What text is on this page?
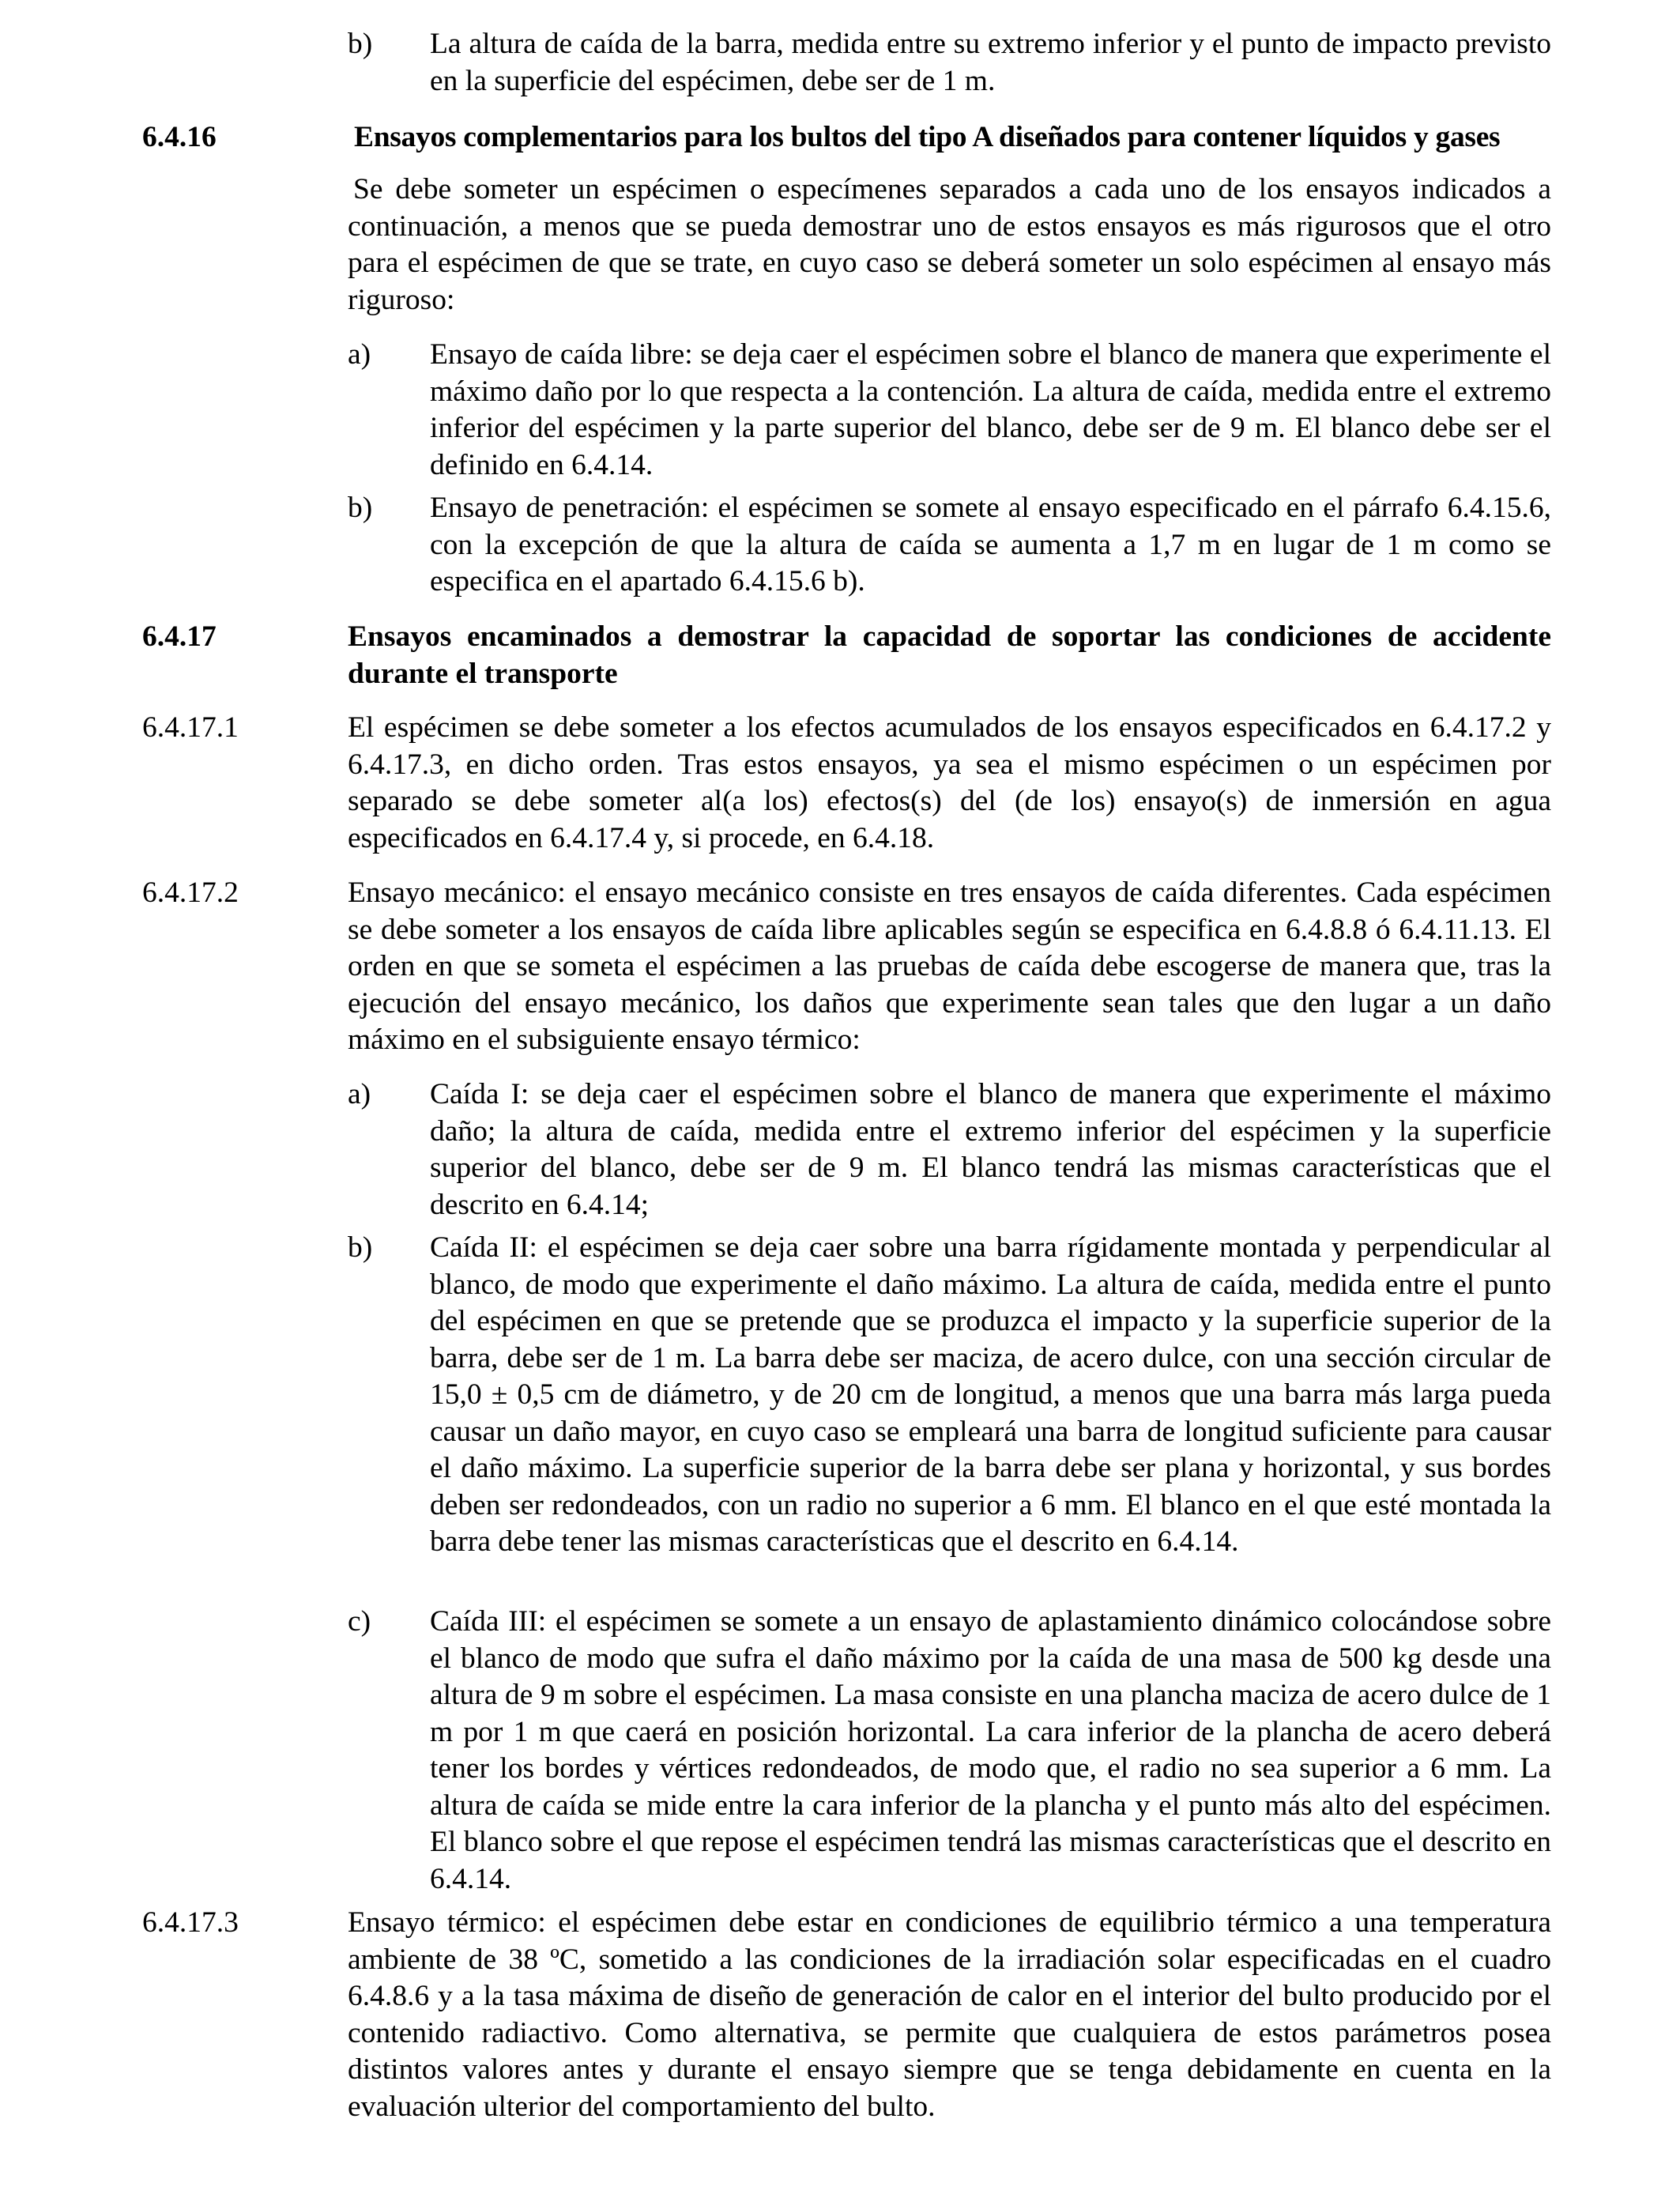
b) La altura de caída de la barra, medida entre su extremo inferior y el punto de impacto previsto en la superficie del espécimen, debe ser de 1 m.
6.4.16	Ensayos complementarios para los bultos del tipo A diseñados para contener líquidos y gases
Se debe someter un espécimen o especímenes separados a cada uno de los ensayos indicados a continuación, a menos que se pueda demostrar uno de estos ensayos es más rigurosos que el otro para el espécimen de que se trate, en cuyo caso se deberá someter un solo espécimen al ensayo más riguroso:
a) Ensayo de caída libre: se deja caer el espécimen sobre el blanco de manera que experimente el máximo daño por lo que respecta a la contención. La altura de caída, medida entre el extremo inferior del espécimen y la parte superior del blanco, debe ser de 9 m. El blanco debe ser el definido en 6.4.14.
b) Ensayo de penetración: el espécimen se somete al ensayo especificado en el párrafo 6.4.15.6, con la excepción de que la altura de caída se aumenta a 1,7 m en lugar de 1 m como se especifica en el apartado 6.4.15.6 b).
6.4.17	Ensayos encaminados a demostrar la capacidad de soportar las condiciones de accidente durante el transporte
6.4.17.1	El espécimen se debe someter a los efectos acumulados de los ensayos especificados en 6.4.17.2 y 6.4.17.3, en dicho orden. Tras estos ensayos, ya sea el mismo espécimen o un espécimen por separado se debe someter al(a los) efectos(s) del (de los) ensayo(s) de inmersión en agua especificados en 6.4.17.4 y, si procede, en 6.4.18.
6.4.17.2	Ensayo mecánico: el ensayo mecánico consiste en tres ensayos de caída diferentes. Cada espécimen se debe someter a los ensayos de caída libre aplicables según se especifica en 6.4.8.8 ó 6.4.11.13. El orden en que se someta el espécimen a las pruebas de caída debe escogerse de manera que, tras la ejecución del ensayo mecánico, los daños que experimente sean tales que den lugar a un daño máximo en el subsiguiente ensayo térmico:
a) Caída I: se deja caer el espécimen sobre el blanco de manera que experimente el máximo daño; la altura de caída, medida entre el extremo inferior del espécimen y la superficie superior del blanco, debe ser de 9 m. El blanco tendrá las mismas características que el descrito en 6.4.14;
b) Caída II: el espécimen se deja caer sobre una barra rígidamente montada y perpendicular al blanco, de modo que experimente el daño máximo. La altura de caída, medida entre el punto del espécimen en que se pretende que se produzca el impacto y la superficie superior de la barra, debe ser de 1 m. La barra debe ser maciza, de acero dulce, con una sección circular de 15,0 ± 0,5 cm de diámetro, y de 20 cm de longitud, a menos que una barra más larga pueda causar un daño mayor, en cuyo caso se empleará una barra de longitud suficiente para causar el daño máximo. La superficie superior de la barra debe ser plana y horizontal, y sus bordes deben ser redondeados, con un radio no superior a 6 mm. El blanco en el que esté montada la barra debe tener las mismas características que el descrito en 6.4.14.
c) Caída III: el espécimen se somete a un ensayo de aplastamiento dinámico colocándose sobre el blanco de modo que sufra el daño máximo por la caída de una masa de 500 kg desde una altura de 9 m sobre el espécimen. La masa consiste en una plancha maciza de acero dulce de 1 m por 1 m que caerá en posición horizontal. La cara inferior de la plancha de acero deberá tener los bordes y vértices redondeados, de modo que, el radio no sea superior a 6 mm. La altura de caída se mide entre la cara inferior de la plancha y el punto más alto del espécimen. El blanco sobre el que repose el espécimen tendrá las mismas características que el descrito en 6.4.14.
6.4.17.3	Ensayo térmico: el espécimen debe estar en condiciones de equilibrio térmico a una temperatura ambiente de 38 ºC, sometido a las condiciones de la irradiación solar especificadas en el cuadro 6.4.8.6 y a la tasa máxima de diseño de generación de calor en el interior del bulto producido por el contenido radiactivo. Como alternativa, se permite que cualquiera de estos parámetros posea distintos valores antes y durante el ensayo siempre que se tenga debidamente en cuenta en la evaluación ulterior del comportamiento del bulto.
